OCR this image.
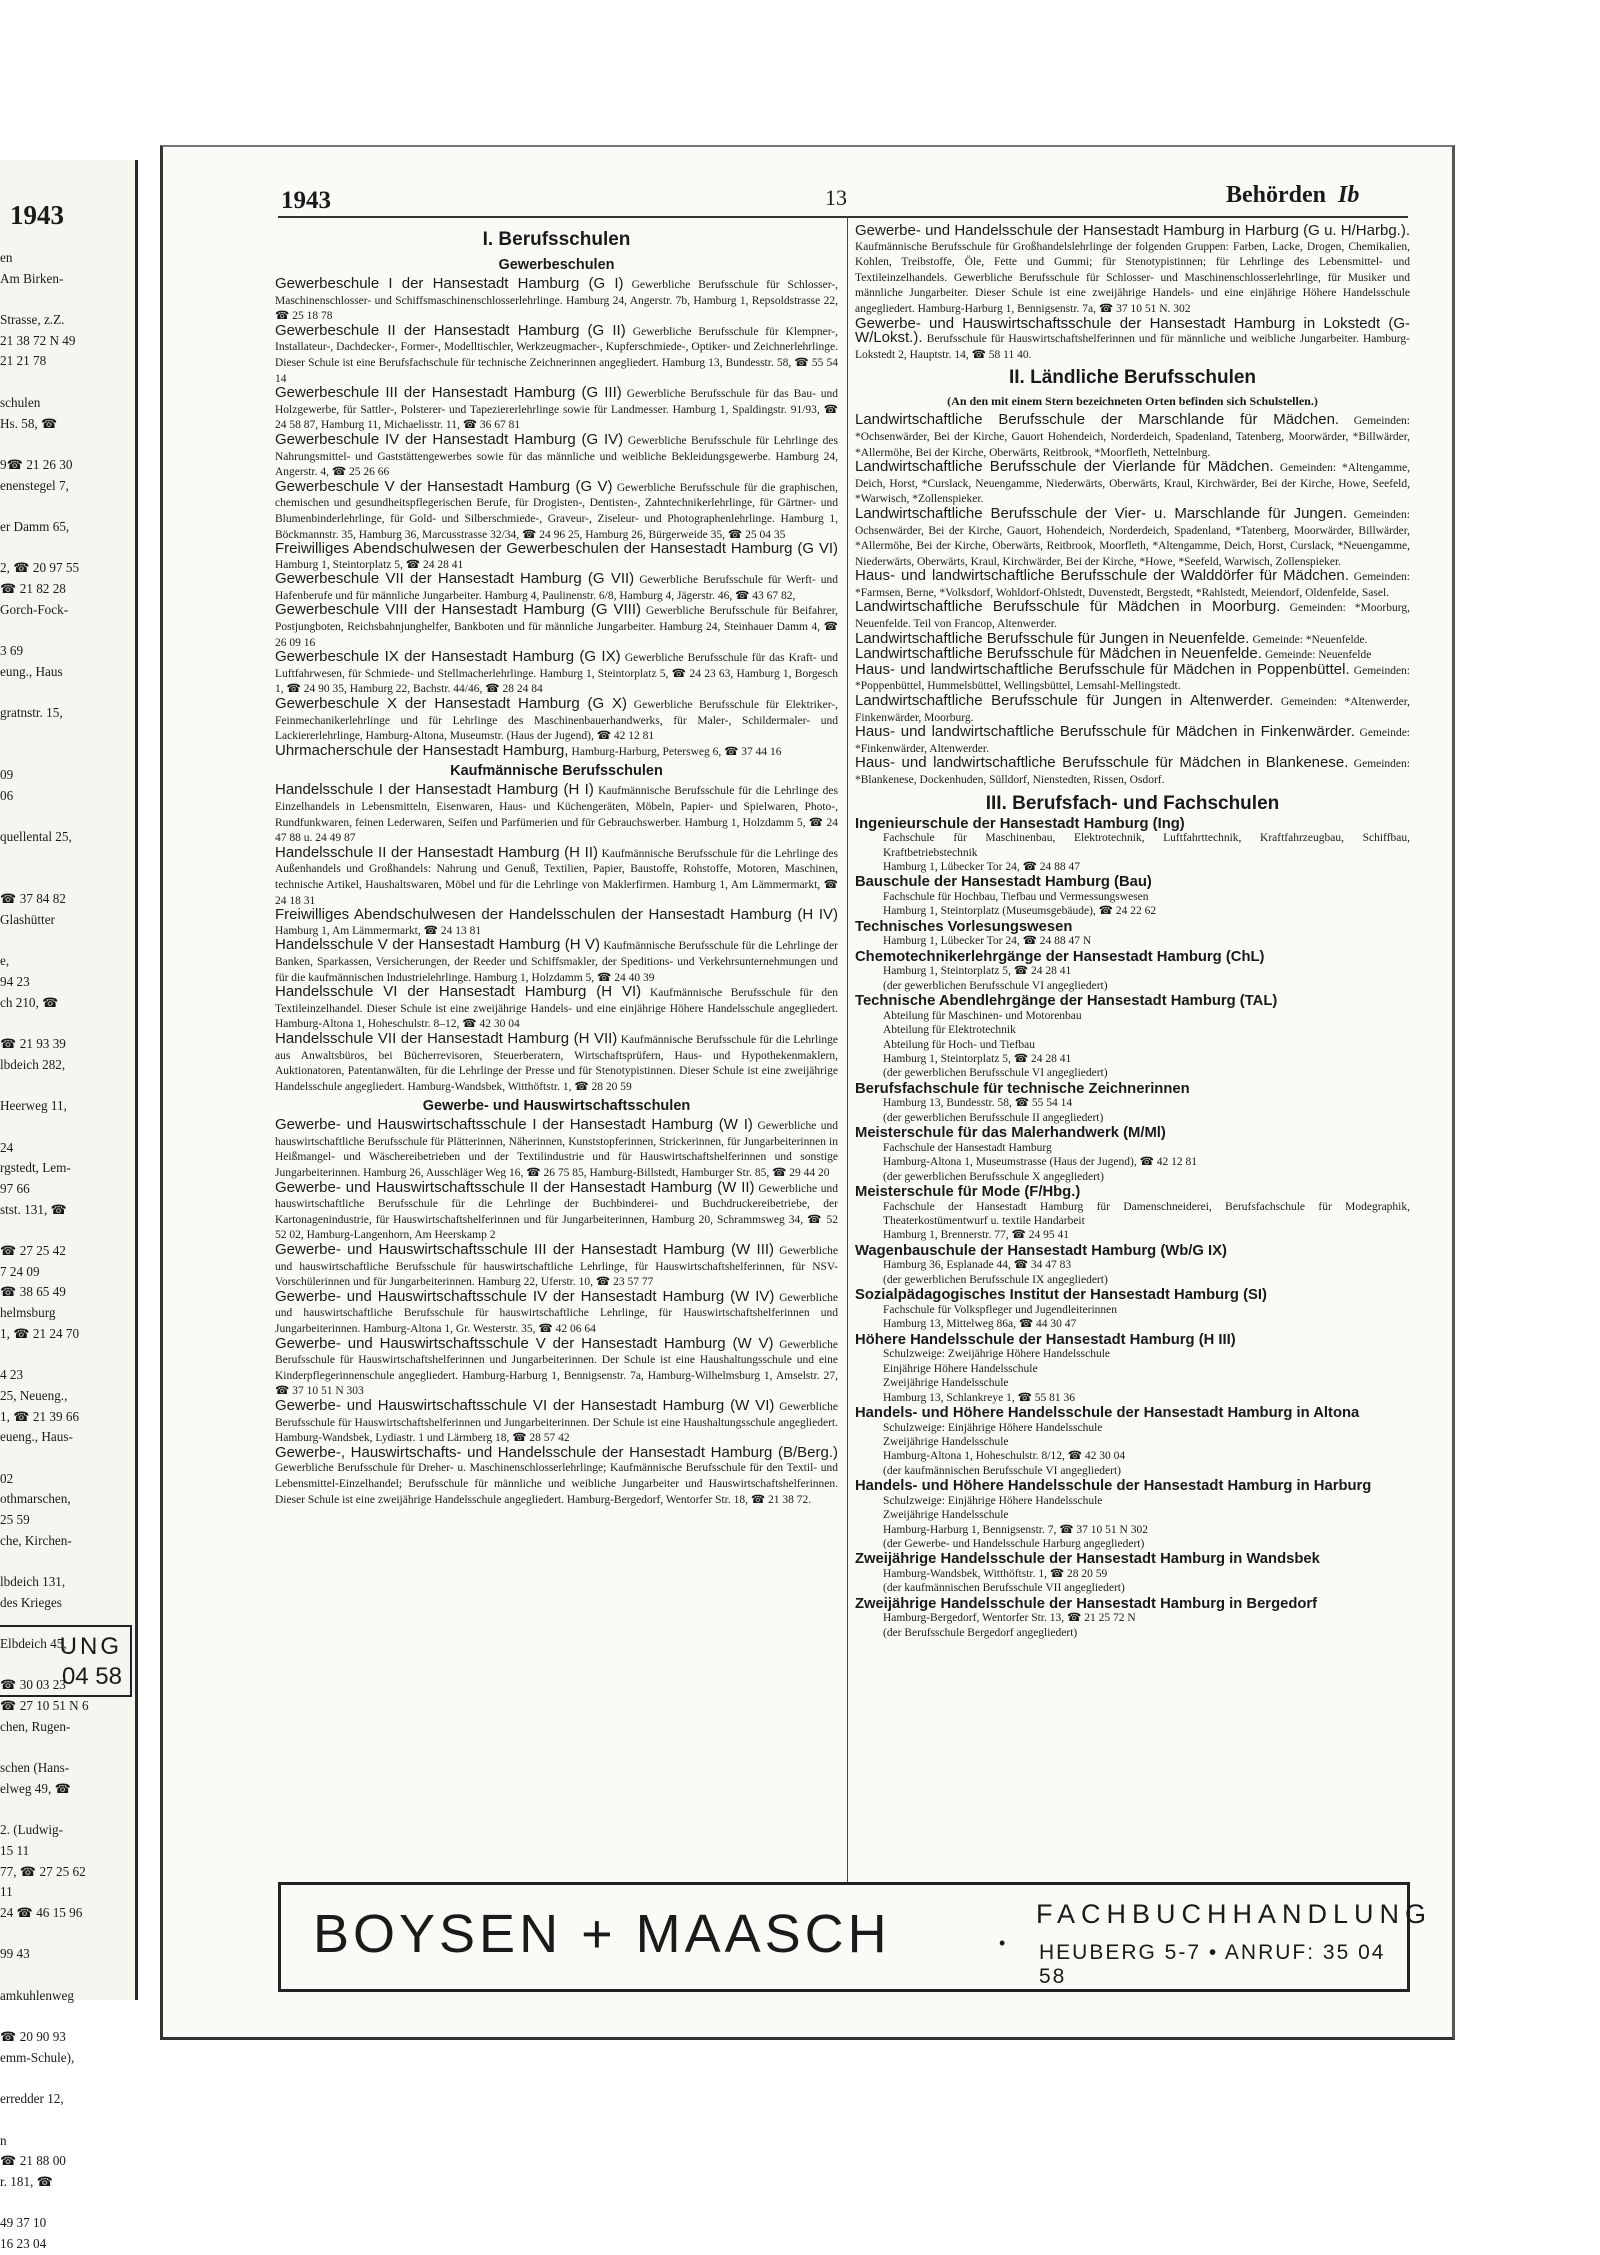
1943
en
Am Birken-
Strasse, z.Z.
21 38 72 N 49
21 21 78
schulen
Hs. 58, ☎
9☎ 21 26 30
enenstegel 7,
er Damm 65,
2, ☎ 20 97 55
☎ 21 82 28
Gorch-Fock-
3 69
eung., Haus
gratnstr. 15,
09
06
quellental 25,
☎ 37 84 82
Glashütter
e,
94 23
ch 210, ☎
☎ 21 93 39
lbdeich 282,
Heerweg 11,
24
rgstedt, Lem-
97 66
stst. 131, ☎
☎ 27 25 42
7 24 09
☎ 38 65 49
helmsburg
1, ☎ 21 24 70
4 23
25, Neueng.,
1, ☎ 21 39 66
eueng., Haus-
02
othmarschen,
25 59
che, Kirchen-
lbdeich 131,
des Krieges
Elbdeich 45,
☎ 30 03 23
☎ 27 10 51 N 6
chen, Rugen-
schen (Hans-
elweg 49, ☎
2. (Ludwig-
15 11
77, ☎ 27 25 62
11
24 ☎ 46 15 96
99 43
amkuhlenweg
☎ 20 90 93
emm-Schule),
erredder 12,
n
☎ 21 88 00
r. 181, ☎
49 37 10
16 23 04
UNG
04 58
1943	13	Behörden Ib
I. Berufsschulen
Gewerbeschulen

Gewerbeschule I der Hansestadt Hamburg (G I) Gewerbliche Berufsschule für Schlosser-, Maschinenschlosser- und Schiffsmaschinenschlosserlehrlinge. Hamburg 24, Angerstr. 7b, Hamburg 1, Repsoldstrasse 22, ☎ 25 18 78

Gewerbeschule II der Hansestadt Hamburg (G II) Gewerbliche Berufsschule für Klempner-, Installateur-, Dachdecker-, Former-, Modelltischler, Werkzeugmacher-, Kupferschmiede-, Optiker- und Zeichnerlehrlinge. Dieser Schule ist eine Berufsfachschule für technische Zeichnerinnen angegliedert. Hamburg 13, Bundesstr. 58, ☎ 55 54 14

Gewerbeschule III der Hansestadt Hamburg (G III) Gewerbliche Berufsschule für das Bau- und Holzgewerbe, für Sattler-, Polsterer- und Tapeziererlehrlinge sowie für Landmesser. Hamburg 1, Spaldingstr. 91/93, ☎ 24 58 87, Hamburg 11, Michaelisstr. 11, ☎ 36 67 81

Gewerbeschule IV der Hansestadt Hamburg (G IV) Gewerbliche Berufsschule für Lehrlinge des Nahrungsmittel- und Gaststättengewerbes sowie für das männliche und weibliche Bekleidungsgewerbe. Hamburg 24, Angerstr. 4, ☎ 25 26 66

Gewerbeschule V der Hansestadt Hamburg (G V) Gewerbliche Berufsschule für die graphischen, chemischen und gesundheitspflegerischen Berufe, für Drogisten-, Dentisten-, Zahntechnikerlehrlinge, für Gärtner- und Blumenbinderlehrlinge, für Gold- und Silberschmiede-, Graveur-, Ziseleur- und Photographenlehrlinge. Hamburg 1, Böckmannstr. 35, Hamburg 36, Marcusstrasse 32/34, ☎ 24 96 25, Hamburg 26, Bürgerweide 35, ☎ 25 04 35

Freiwilliges Abendschulwesen der Gewerbeschulen der Hansestadt Hamburg (G VI) Hamburg 1, Steintorplatz 5, ☎ 24 28 41

Gewerbeschule VII der Hansestadt Hamburg (G VII) Gewerbliche Berufsschule für Werft- und Hafenberufe und für männliche Jungarbeiter. Hamburg 4, Paulinenstr. 6/8, Hamburg 4, Jägerstr. 46, ☎ 43 67 82,

Gewerbeschule VIII der Hansestadt Hamburg (G VIII) Gewerbliche Berufsschule für Beifahrer, Postjungboten, Reichsbahnjunghelfer, Bankboten und für männliche Jungarbeiter. Hamburg 24, Steinhauer Damm 4, ☎ 26 09 16

Gewerbeschule IX der Hansestadt Hamburg (G IX) Gewerbliche Berufsschule für das Kraft- und Luftfahrwesen, für Schmiede- und Stellmacherlehrlinge. Hamburg 1, Steintorplatz 5, ☎ 24 23 63, Hamburg 1, Borgesch 1, ☎ 24 90 35, Hamburg 22, Bachstr. 44/46, ☎ 28 24 84

Gewerbeschule X der Hansestadt Hamburg (G X) Gewerbliche Berufsschule für Elektriker-, Feinmechanikerlehrlinge und für Lehrlinge des Maschinenbauerhandwerks, für Maler-, Schildermaler- und Lackiererlehrlinge, Hamburg-Altona, Museumstr. (Haus der Jugend), ☎ 42 12 81

Uhrmacherschule der Hansestadt Hamburg, Hamburg-Harburg, Petersweg 6, ☎ 37 44 16

Kaufmännische Berufsschulen

Handelsschule I der Hansestadt Hamburg (H I) Kaufmännische Berufsschule für die Lehrlinge des Einzelhandels in Lebensmitteln, Eisenwaren, Haus- und Küchengeräten, Möbeln, Papier- und Spielwaren, Photo-, Rundfunkwaren, feinen Lederwaren, Seifen und Parfümerien und für Gebrauchswerber. Hamburg 1, Holzdamm 5, ☎ 24 47 88 u. 24 49 87

Handelsschule II der Hansestadt Hamburg (H II) Kaufmännische Berufsschule für die Lehrlinge des Außenhandels und Großhandels: Nahrung und Genuß, Textilien, Papier, Baustoffe, Rohstoffe, Motoren, Maschinen, technische Artikel, Haushaltswaren, Möbel und für die Lehrlinge von Maklerfirmen. Hamburg 1, Am Lämmermarkt, ☎ 24 18 31

Freiwilliges Abendschulwesen der Handelsschulen der Hansestadt Hamburg (H IV) Hamburg 1, Am Lämmermarkt, ☎ 24 13 81

Handelsschule V der Hansestadt Hamburg (H V) Kaufmännische Berufsschule für die Lehrlinge der Banken, Sparkassen, Versicherungen, der Reeder und Schiffsmakler, der Speditions- und Verkehrsunternehmungen und für die kaufmännischen Industrielehrlinge. Hamburg 1, Holzdamm 5, ☎ 24 40 39

Handelsschule VI der Hansestadt Hamburg (H VI) Kaufmännische Berufsschule für den Textileinzelhandel. Dieser Schule ist eine zweijährige Handels- und eine einjährige Höhere Handelsschule angegliedert. Hamburg-Altona 1, Hoheschulstr. 8–12, ☎ 42 30 04

Handelsschule VII der Hansestadt Hamburg (H VII) Kaufmännische Berufsschule für die Lehrlinge aus Anwaltsbüros, bei Bücherrevisoren, Steuerberatern, Wirtschaftsprüfern, Haus- und Hypothekenmaklern, Auktionatoren, Patentanwälten, für die Lehrlinge der Presse und für Stenotypistinnen. Dieser Schule ist eine zweijährige Handelsschule angegliedert. Hamburg-Wandsbek, Witthöftstr. 1, ☎ 28 20 59

Gewerbe- und Hauswirtschaftsschulen

Gewerbe- und Hauswirtschaftsschule I der Hansestadt Hamburg (W I) Gewerbliche und hauswirtschaftliche Berufsschule für Plätterinnen, Näherinnen, Kunststopferinnen, Strickerinnen, für Jungarbeiterinnen in Heißmangel- und Wäschereibetrieben und der Textilindustrie und für Hauswirtschaftshelferinnen und sonstige Jungarbeiterinnen. Hamburg 26, Ausschläger Weg 16, ☎ 26 75 85, Hamburg-Billstedt, Hamburger Str. 85, ☎ 29 44 20

Gewerbe- und Hauswirtschaftsschule II der Hansestadt Hamburg (W II) Gewerbliche und hauswirtschaftliche Berufsschule für die Lehrlinge der Buchbinderei- und Buchdruckereibetriebe, der Kartonagenindustrie, für Hauswirtschaftshelferinnen und für Jungarbeiterinnen, Hamburg 20, Schrammsweg 34, ☎ 52 52 02, Hamburg-Langenhorn, Am Heerskamp 2

Gewerbe- und Hauswirtschaftsschule III der Hansestadt Hamburg (W III) Gewerbliche und hauswirtschaftliche Berufsschule für hauswirtschaftliche Lehrlinge, für Hauswirtschaftshelferinnen, für NSV-Vorschülerinnen und für Jungarbeiterinnen. Hamburg 22, Uferstr. 10, ☎ 23 57 77

Gewerbe- und Hauswirtschaftsschule IV der Hansestadt Hamburg (W IV) Gewerbliche und hauswirtschaftliche Berufsschule für hauswirtschaftliche Lehrlinge, für Hauswirtschaftshelferinnen und Jungarbeiterinnen. Hamburg-Altona 1, Gr. Westerstr. 35, ☎ 42 06 64

Gewerbe- und Hauswirtschaftsschule V der Hansestadt Hamburg (W V) Gewerbliche Berufsschule für Hauswirtschaftshelferinnen und Jungarbeiterinnen. Der Schule ist eine Haushaltungsschule und eine Kinderpflegerinnenschule angegliedert. Hamburg-Harburg 1, Bennigsenstr. 7a, Hamburg-Wilhelmsburg 1, Amselstr. 27, ☎ 37 10 51 N 303

Gewerbe- und Hauswirtschaftsschule VI der Hansestadt Hamburg (W VI) Gewerbliche Berufsschule für Hauswirtschaftshelferinnen und Jungarbeiterinnen. Der Schule ist eine Haushaltungsschule angegliedert. Hamburg-Wandsbek, Lydiastr. 1 und Lärmberg 18, ☎ 28 57 42

Gewerbe-, Hauswirtschafts- und Handelsschule der Hansestadt Hamburg (B/Berg.) Gewerbliche Berufsschule für Dreher- u. Maschinenschlosserlehrlinge; Kaufmännische Berufsschule für den Textil- und Lebensmittel-Einzelhandel; Berufsschule für männliche und weibliche Jungarbeiter und Hauswirtschaftshelferinnen. Dieser Schule ist eine zweijährige Handelsschule angegliedert. Hamburg-Bergedorf, Wentorfer Str. 18, ☎ 21 38 72.

Gewerbe- und Handelsschule der Hansestadt Hamburg in Harburg (G u. H/Harbg.). Kaufmännische Berufsschule für Großhandelslehrlinge der folgenden Gruppen: Farben, Lacke, Drogen, Chemikalien, Kohlen, Treibstoffe, Öle, Fette und Gummi; für Stenotypistinnen; für Lehrlinge des Lebensmittel- und Textileinzelhandels. Gewerbliche Berufsschule für Schlosser- und Maschinenschlosserlehrlinge, für Musiker und männliche Jungarbeiter. Dieser Schule ist eine zweijährige Handels- und eine einjährige Höhere Handelsschule angegliedert. Hamburg-Harburg 1, Bennigsenstr. 7a, ☎ 37 10 51 N. 302

Gewerbe- und Hauswirtschaftsschule der Hansestadt Hamburg in Lokstedt (G-W/Lokst.). Berufsschule für Hauswirtschaftshelferinnen und für männliche und weibliche Jungarbeiter. Hamburg-Lokstedt 2, Hauptstr. 14, ☎ 58 11 40.

II. Ländliche Berufsschulen
(An den mit einem Stern bezeichneten Orten befinden sich Schulstellen.)

Landwirtschaftliche Berufsschule der Marschlande für Mädchen. Gemeinden: *Ochsenwärder, Bei der Kirche, Gauort Hohendeich, Norderdeich, Spadenland, Tatenberg, Moorwärder, *Billwärder, *Allermöhe, Bei der Kirche, Oberwärts, Reitbrook, *Moorfleth, Nettelnburg.

Landwirtschaftliche Berufsschule der Vierlande für Mädchen. Gemeinden: *Altengamme, Deich, Horst, *Curslack, Neuengamme, Niederwärts, Oberwärts, Kraul, Kirchwärder, Bei der Kirche, Howe, Seefeld, *Warwisch, *Zollenspieker.

Landwirtschaftliche Berufsschule der Vier- u. Marschlande für Jungen. Gemeinden: Ochsenwärder, Bei der Kirche, Gauort, Hohendeich, Norderdeich, Spadenland, *Tatenberg, Moorwärder, Billwärder, *Allermöhe, Bei der Kirche, Oberwärts, Reitbrook, Moorfleth, *Altengamme, Deich, Horst, Curslack, *Neuengamme, Niederwärts, Oberwärts, Kraul, Kirchwärder, Bei der Kirche, *Howe, *Seefeld, Warwisch, Zollenspieker.

Haus- und landwirtschaftliche Berufsschule der Walddörfer für Mädchen. Gemeinden: *Farmsen, Berne, *Volksdorf, Wohldorf-Ohlstedt, Duvenstedt, Bergstedt, *Rahlstedt, Meiendorf, Oldenfelde, Sasel.

Landwirtschaftliche Berufsschule für Mädchen in Moorburg. Gemeinden: *Moorburg, Neuenfelde. Teil von Francop, Altenwerder.

Landwirtschaftliche Berufsschule für Jungen in Neuenfelde. Gemeinde: *Neuenfelde.

Landwirtschaftliche Berufsschule für Mädchen in Neuenfelde. Gemeinde: Neuenfelde

Haus- und landwirtschaftliche Berufsschule für Mädchen in Poppenbüttel. Gemeinden: *Poppenbüttel, Hummelsbüttel, Wellingsbüttel, Lemsahl-Mellingstedt.

Landwirtschaftliche Berufsschule für Jungen in Altenwerder. Gemeinden: *Altenwerder, Finkenwärder, Moorburg.

Haus- und landwirtschaftliche Berufsschule für Mädchen in Finkenwärder. Gemeinde: *Finkenwärder, Altenwerder.

Haus- und landwirtschaftliche Berufsschule für Mädchen in Blankenese. Gemeinden: *Blankenese, Dockenhuden, Sülldorf, Nienstedten, Rissen, Osdorf.

III. Berufsfach- und Fachschulen
Ingenieurschule der Hansestadt Hamburg (Ing)
Fachschule für Maschinenbau, Elektrotechnik, Luftfahrttechnik, Kraftfahrzeugbau, Schiffbau, Kraftbetriebstechnik
Hamburg 1, Lübecker Tor 24, ☎ 24 88 47
Bauschule der Hansestadt Hamburg (Bau)
Fachschule für Hochbau, Tiefbau und Vermessungswesen
Hamburg 1, Steintorplatz (Museumsgebäude), ☎ 24 22 62
Technisches Vorlesungswesen
Hamburg 1, Lübecker Tor 24, ☎ 24 88 47 N
Chemotechnikerlehrgänge der Hansestadt Hamburg (ChL)
Hamburg 1, Steintorplatz 5, ☎ 24 28 41
(der gewerblichen Berufsschule VI angegliedert)
Technische Abendlehrgänge der Hansestadt Hamburg (TAL)
Abteilung für Maschinen- und Motorenbau
Abteilung für Elektrotechnik
Abteilung für Hoch- und Tiefbau
Hamburg 1, Steintorplatz 5, ☎ 24 28 41
(der gewerblichen Berufsschule VI angegliedert)
Berufsfachschule für technische Zeichnerinnen
Hamburg 13, Bundesstr. 58, ☎ 55 54 14
(der gewerblichen Berufsschule II angegliedert)
Meisterschule für das Malerhandwerk (M/Ml)
Fachschule der Hansestadt Hamburg
Hamburg-Altona 1, Museumstrasse (Haus der Jugend), ☎ 42 12 81
(der gewerblichen Berufsschule X angegliedert)
Meisterschule für Mode (F/Hbg.)
Fachschule der Hansestadt Hamburg für Damenschneiderei, Berufsfachschule für Modegraphik, Theaterkostümentwurf u. textile Handarbeit
Hamburg 1, Brennerstr. 77, ☎ 24 95 41
Wagenbauschule der Hansestadt Hamburg (Wb/G IX)
Hamburg 36, Esplanade 44, ☎ 34 47 83
(der gewerblichen Berufsschule IX angegliedert)
Sozialpädagogisches Institut der Hansestadt Hamburg (SI)
Fachschule für Volkspfleger und Jugendleiterinnen
Hamburg 13, Mittelweg 86a, ☎ 44 30 47
Höhere Handelsschule der Hansestadt Hamburg (H III)
Schulzweige: Zweijährige Höhere Handelsschule
Einjährige Höhere Handelsschule
Zweijährige Handelsschule
Hamburg 13, Schlankreye 1, ☎ 55 81 36
Handels- und Höhere Handelsschule der Hansestadt Hamburg in Altona
Schulzweige: Einjährige Höhere Handelsschule
Zweijährige Handelsschule
Hamburg-Altona 1, Hoheschulstr. 8/12, ☎ 42 30 04
(der kaufmännischen Berufsschule VI angegliedert)
Handels- und Höhere Handelsschule der Hansestadt Hamburg in Harburg
Schulzweige: Einjährige Höhere Handelsschule
Zweijährige Handelsschule
Hamburg-Harburg 1, Bennigsenstr. 7, ☎ 37 10 51 N 302
(der Gewerbe- und Handelsschule Harburg angegliedert)
Zweijährige Handelsschule der Hansestadt Hamburg in Wandsbek
Hamburg-Wandsbek, Witthöftstr. 1, ☎ 28 20 59
(der kaufmännischen Berufsschule VII angegliedert)
Zweijährige Handelsschule der Hansestadt Hamburg in Bergedorf
Hamburg-Bergedorf, Wentorfer Str. 13, ☎ 21 25 72 N
(der Berufsschule Bergedorf angegliedert)
BOYSEN + MAASCH	•
FACHBUCHHANDLUNG
HEUBERG 5-7 • ANRUF: 35 04 58
